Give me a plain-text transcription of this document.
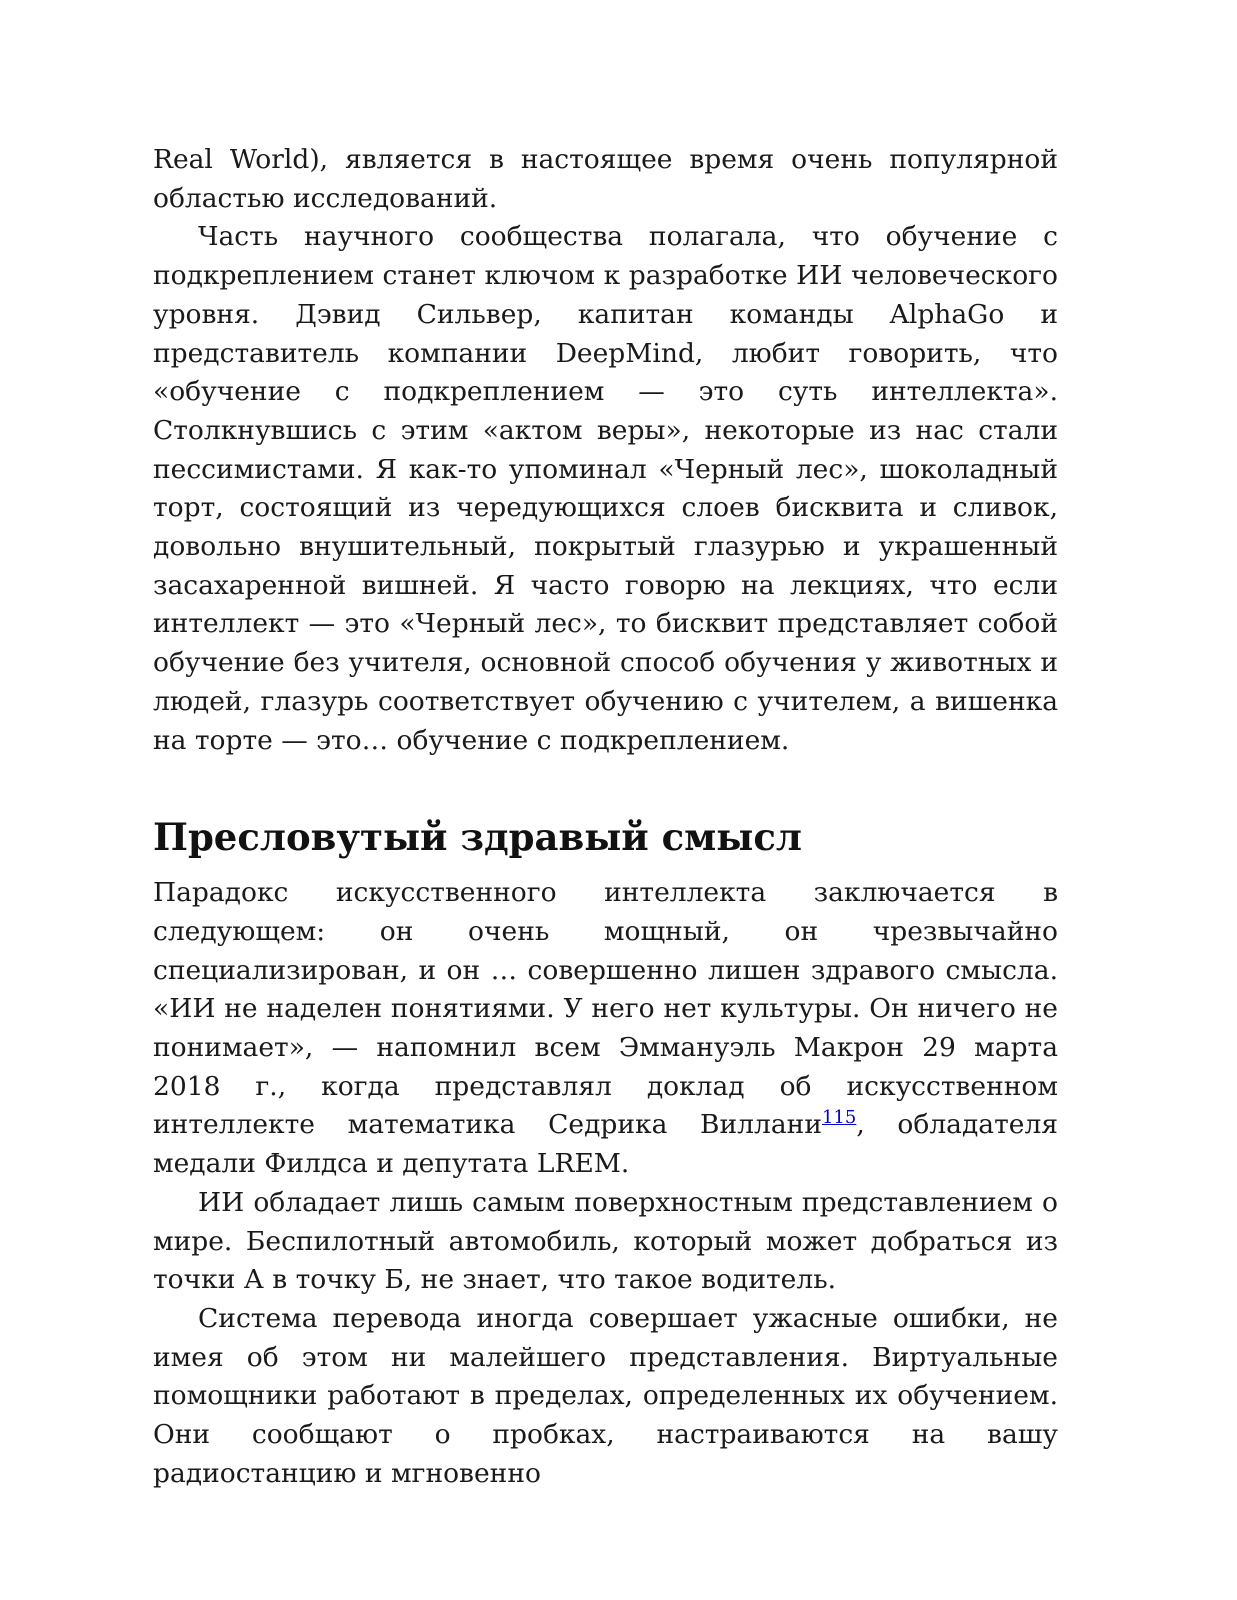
Real World), является в настоящее время очень популярной областью исследований.

Часть научного сообщества полагала, что обучение с подкреплением станет ключом к разработке ИИ человеческого уровня. Дэвид Сильвер, капитан команды AlphaGo и представитель компании DeepMind, любит говорить, что «обучение с подкреплением — это суть интеллекта». Столкнувшись с этим «актом веры», некоторые из нас стали пессимистами. Я как-то упоминал «Черный лес», шоколадный торт, состоящий из чередующихся слоев бисквита и сливок, довольно внушительный, покрытый глазурью и украшенный засахаренной вишней. Я часто говорю на лекциях, что если интеллект — это «Черный лес», то бисквит представляет собой обучение без учителя, основной способ обучения у животных и людей, глазурь соответствует обучению с учителем, а вишенка на торте — это… обучение с подкреплением.

Пресловутый здравый смысл

Парадокс искусственного интеллекта заключается в следующем: он очень мощный, он чрезвычайно специализирован, и он … совершенно лишен здравого смысла. «ИИ не наделен понятиями. У него нет культуры. Он ничего не понимает», — напомнил всем Эммануэль Макрон 29 марта 2018 г., когда представлял доклад об искусственном интеллекте математика Седрика Виллани$^{115}$, обладателя медали Филдса и депутата LREM.

ИИ обладает лишь самым поверхностным представлением о мире. Беспилотный автомобиль, который может добраться из точки А в точку Б, не знает, что такое водитель.

Система перевода иногда совершает ужасные ошибки, не имея об этом ни малейшего представления. Виртуальные помощники работают в пределах, определенных их обучением. Они сообщают о пробках, настраиваются на вашу радиостанцию и мгновенно
